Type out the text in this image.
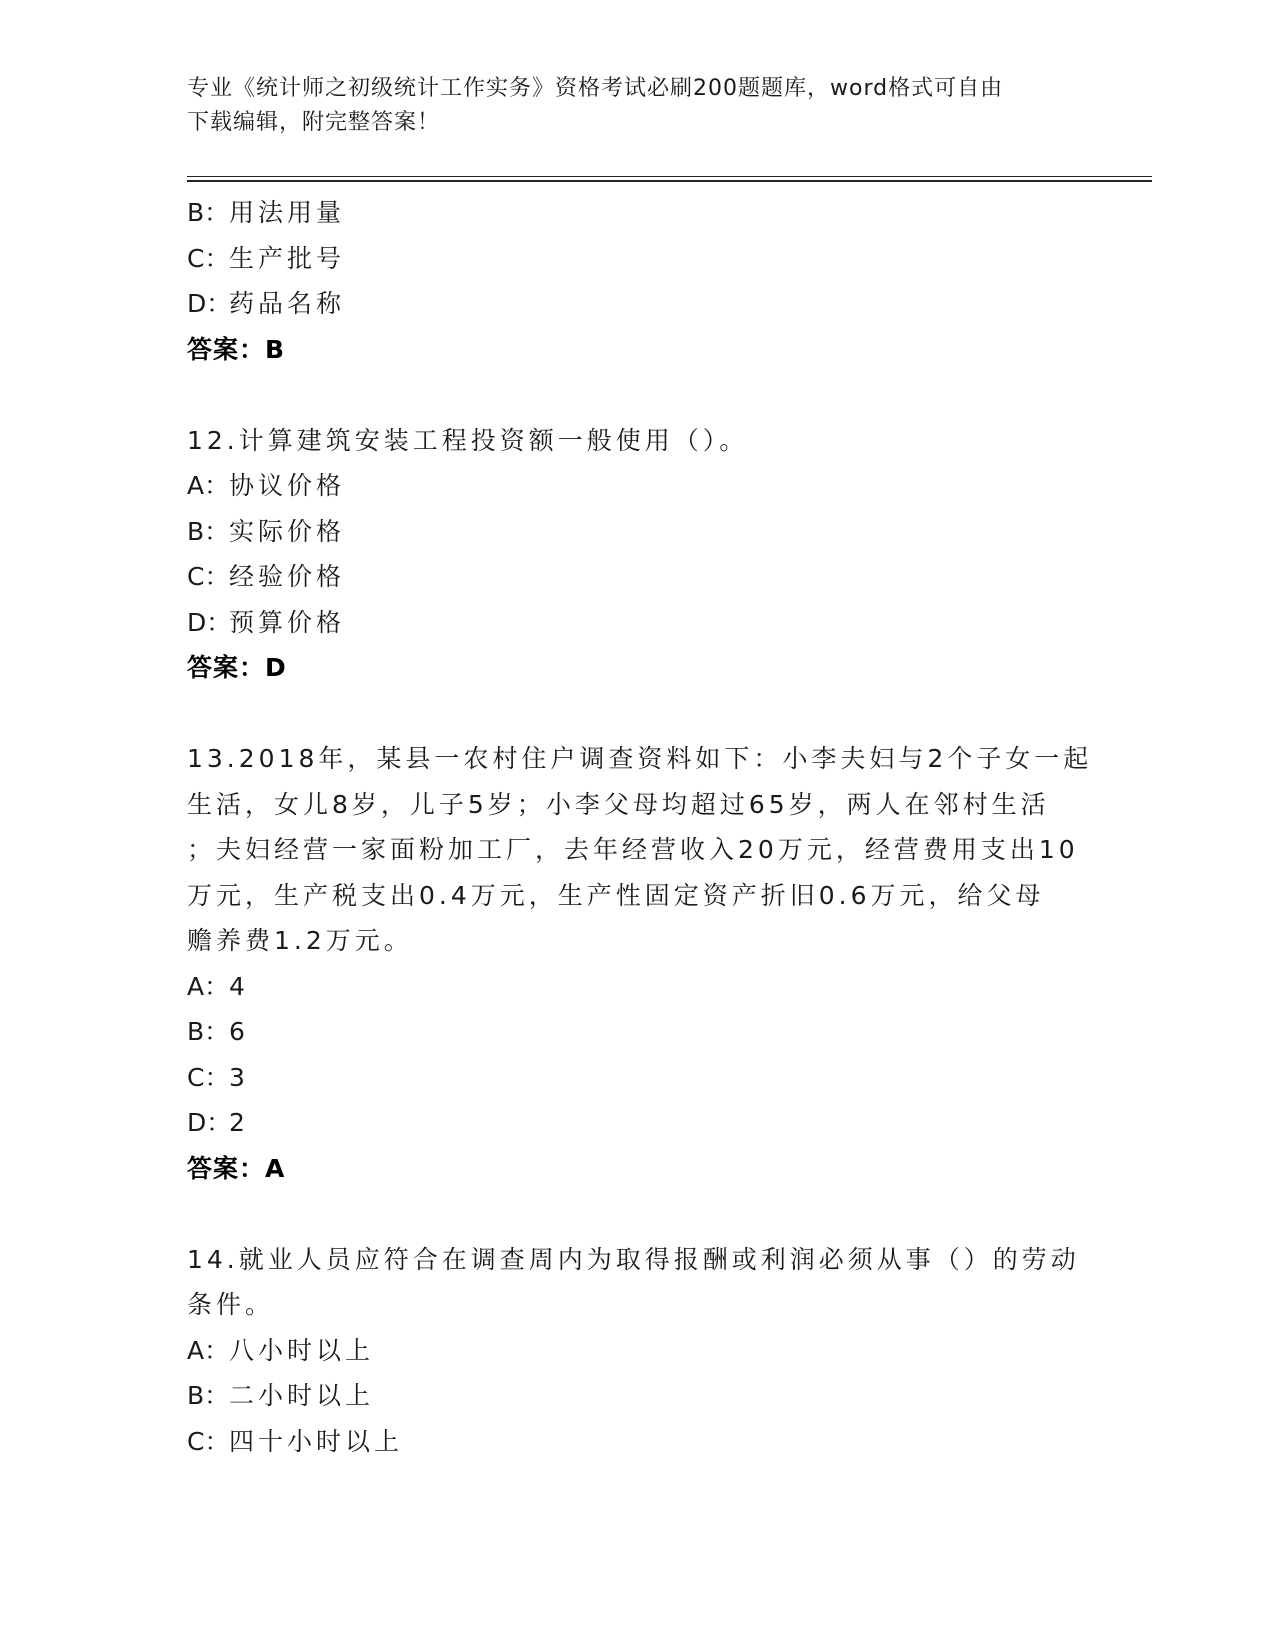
专业《统计师之初级统计工作实务》资格考试必刷200题题库，word格式可自由
下载编辑，附完整答案！
B：用法用量
C：生产批号
D：药品名称
答案：B
12.计算建筑安装工程投资额一般使用（）。
A：协议价格
B：实际价格
C：经验价格
D：预算价格
答案：D
13.2018年，某县一农村住户调查资料如下：小李夫妇与2个子女一起
生活，女儿8岁，儿子5岁；小李父母均超过65岁，两人在邻村生活
；夫妇经营一家面粉加工厂，去年经营收入20万元，经营费用支出10
万元，生产税支出0.4万元，生产性固定资产折旧0.6万元，给父母
赡养费1.2万元。
A：4
B：6
C：3
D：2
答案：A
14.就业人员应符合在调查周内为取得报酬或利润必须从事（）的劳动
条件。
A：八小时以上
B：二小时以上
C：四十小时以上
